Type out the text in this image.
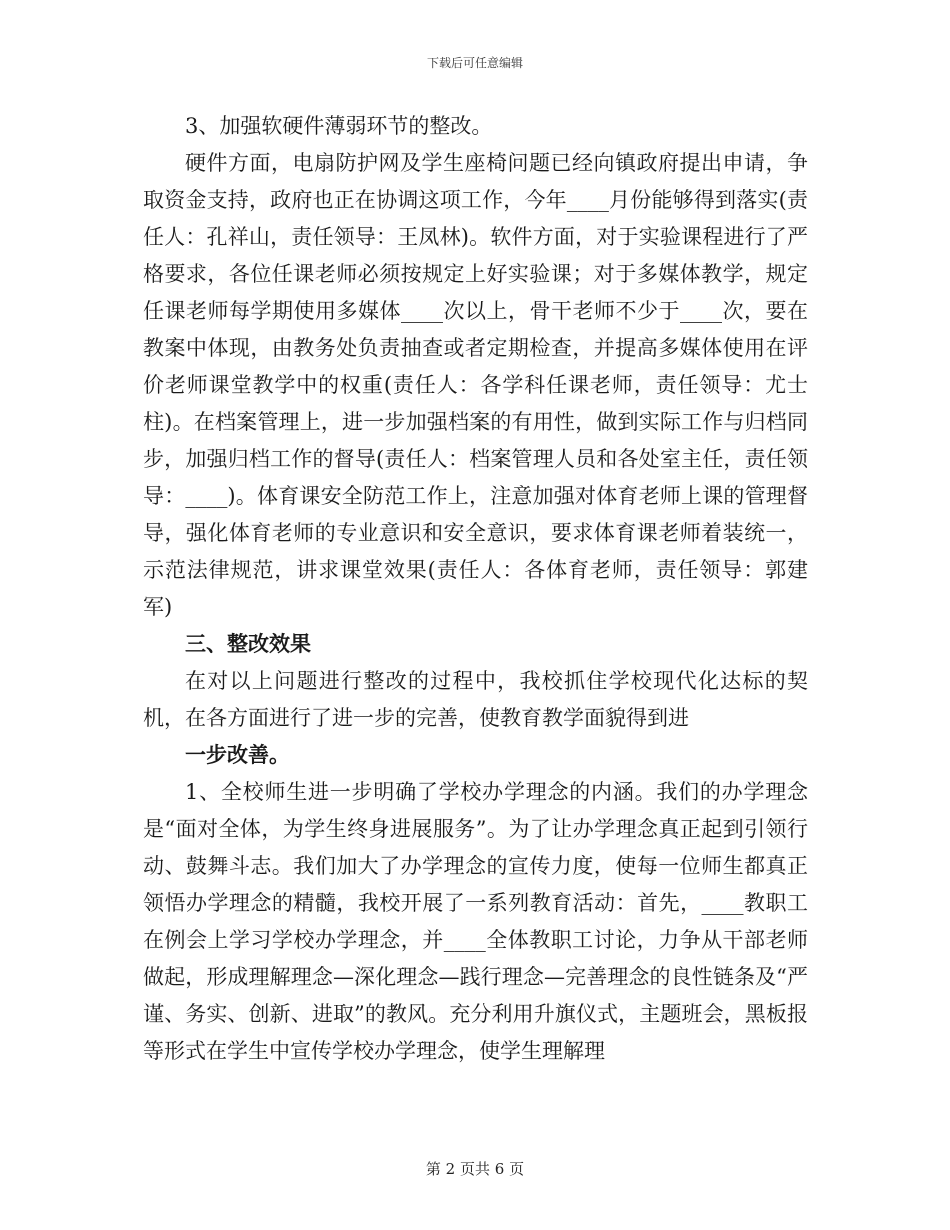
下载后可任意编辑

3、加强软硬件薄弱环节的整改。

硬件方面，电扇防护网及学生座椅问题已经向镇政府提出申请，争取资金支持，政府也正在协调这项工作，今年____月份能够得到落实(责任人：孔祥山，责任领导：王凤林)。软件方面，对于实验课程进行了严格要求，各位任课老师必须按规定上好实验课；对于多媒体教学，规定任课老师每学期使用多媒体____次以上，骨干老师不少于____次，要在教案中体现，由教务处负责抽查或者定期检查，并提高多媒体使用在评价老师课堂教学中的权重(责任人：各学科任课老师，责任领导：尤士柱)。在档案管理上，进一步加强档案的有用性，做到实际工作与归档同步，加强归档工作的督导(责任人：档案管理人员和各处室主任，责任领导：____)。体育课安全防范工作上，注意加强对体育老师上课的管理督导，强化体育老师的专业意识和安全意识，要求体育课老师着装统一，示范法律规范，讲求课堂效果(责任人：各体育老师，责任领导：郭建军)

三、整改效果

在对以上问题进行整改的过程中，我校抓住学校现代化达标的契机，在各方面进行了进一步的完善，使教育教学面貌得到进

一步改善。

1、全校师生进一步明确了学校办学理念的内涵。我们的办学理念是“面对全体，为学生终身进展服务”。为了让办学理念真正起到引领行动、鼓舞斗志。我们加大了办学理念的宣传力度，使每一位师生都真正领悟办学理念的精髓，我校开展了一系列教育活动：首先，____教职工在例会上学习学校办学理念，并____全体教职工讨论，力争从干部老师做起，形成理解理念—深化理念—践行理念—完善理念的良性链条及“严谨、务实、创新、进取”的教风。充分利用升旗仪式，主题班会，黑板报等形式在学生中宣传学校办学理念，使学生理解理

第 2 页共 6 页
